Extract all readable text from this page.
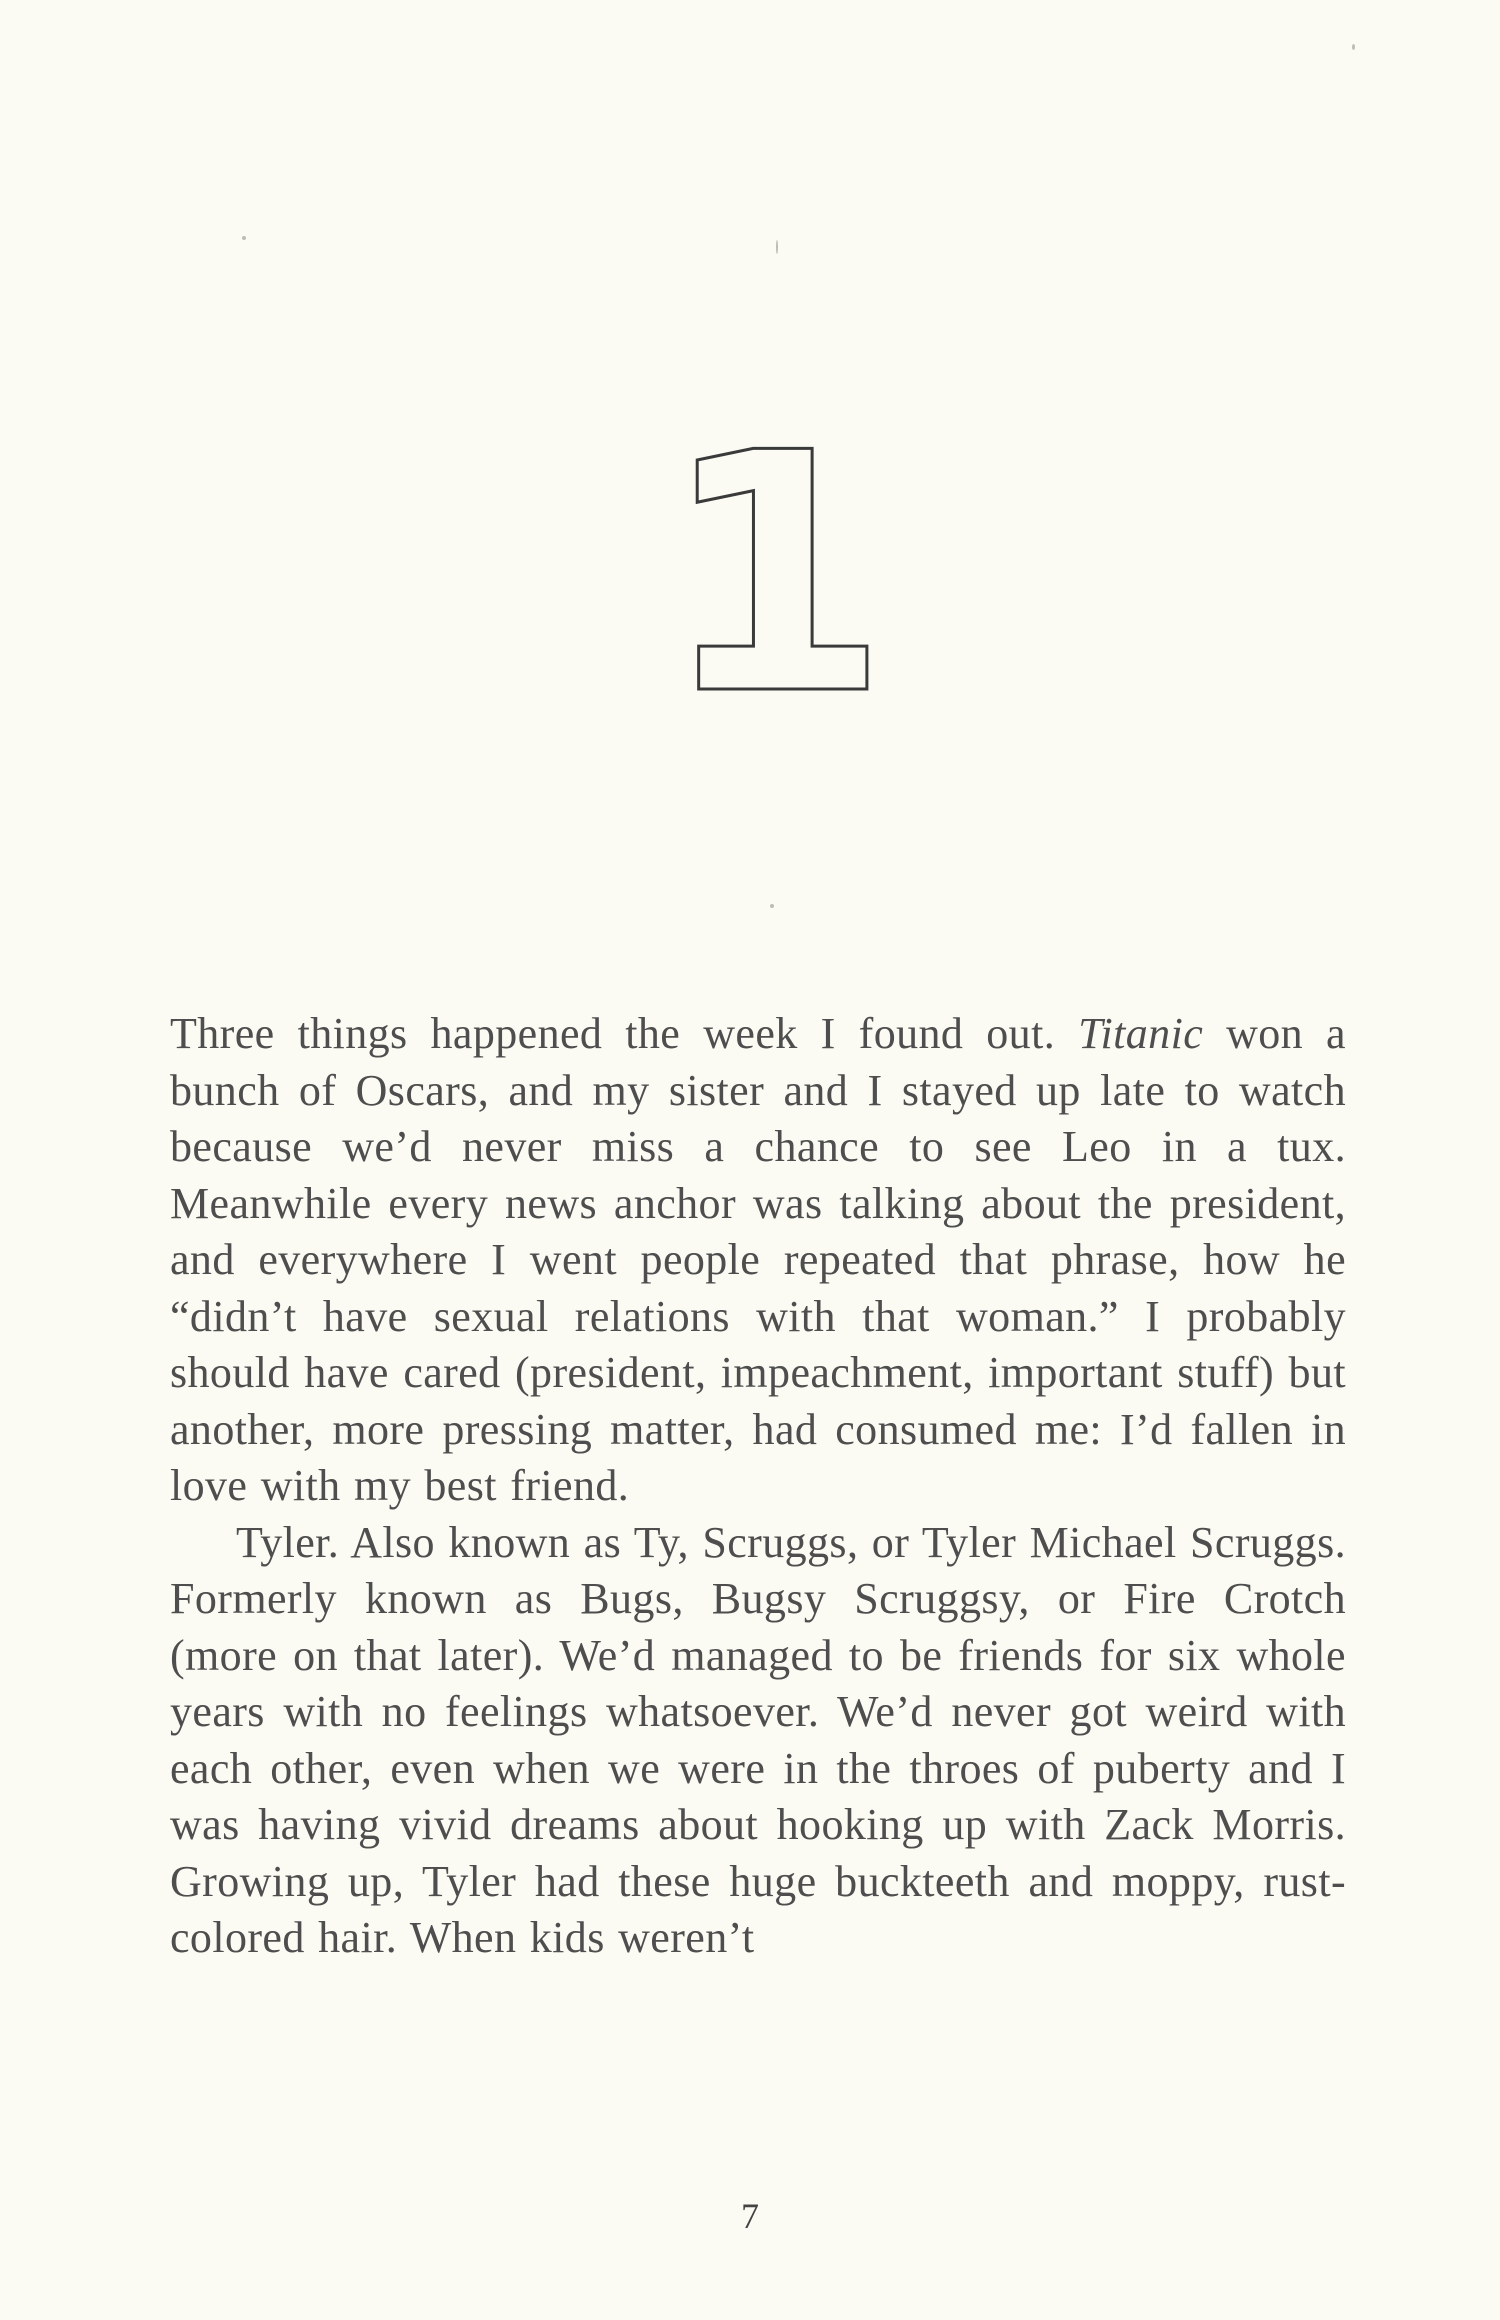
1

Three things happened the week I found out. Titanic won a bunch of Oscars, and my sister and I stayed up late to watch because we’d never miss a chance to see Leo in a tux. Meanwhile every news anchor was talking about the president, and everywhere I went people repeated that phrase, how he “didn’t have sexual relations with that woman.” I probably should have cared (president, impeachment, important stuff) but another, more pressing matter, had consumed me: I’d fallen in love with my best friend.

Tyler. Also known as Ty, Scruggs, or Tyler Michael Scruggs. Formerly known as Bugs, Bugsy Scruggsy, or Fire Crotch (more on that later). We’d managed to be friends for six whole years with no feelings whatsoever. We’d never got weird with each other, even when we were in the throes of puberty and I was having vivid dreams about hooking up with Zack Morris. Growing up, Tyler had these huge buckteeth and moppy, rust-colored hair. When kids weren’t

7
